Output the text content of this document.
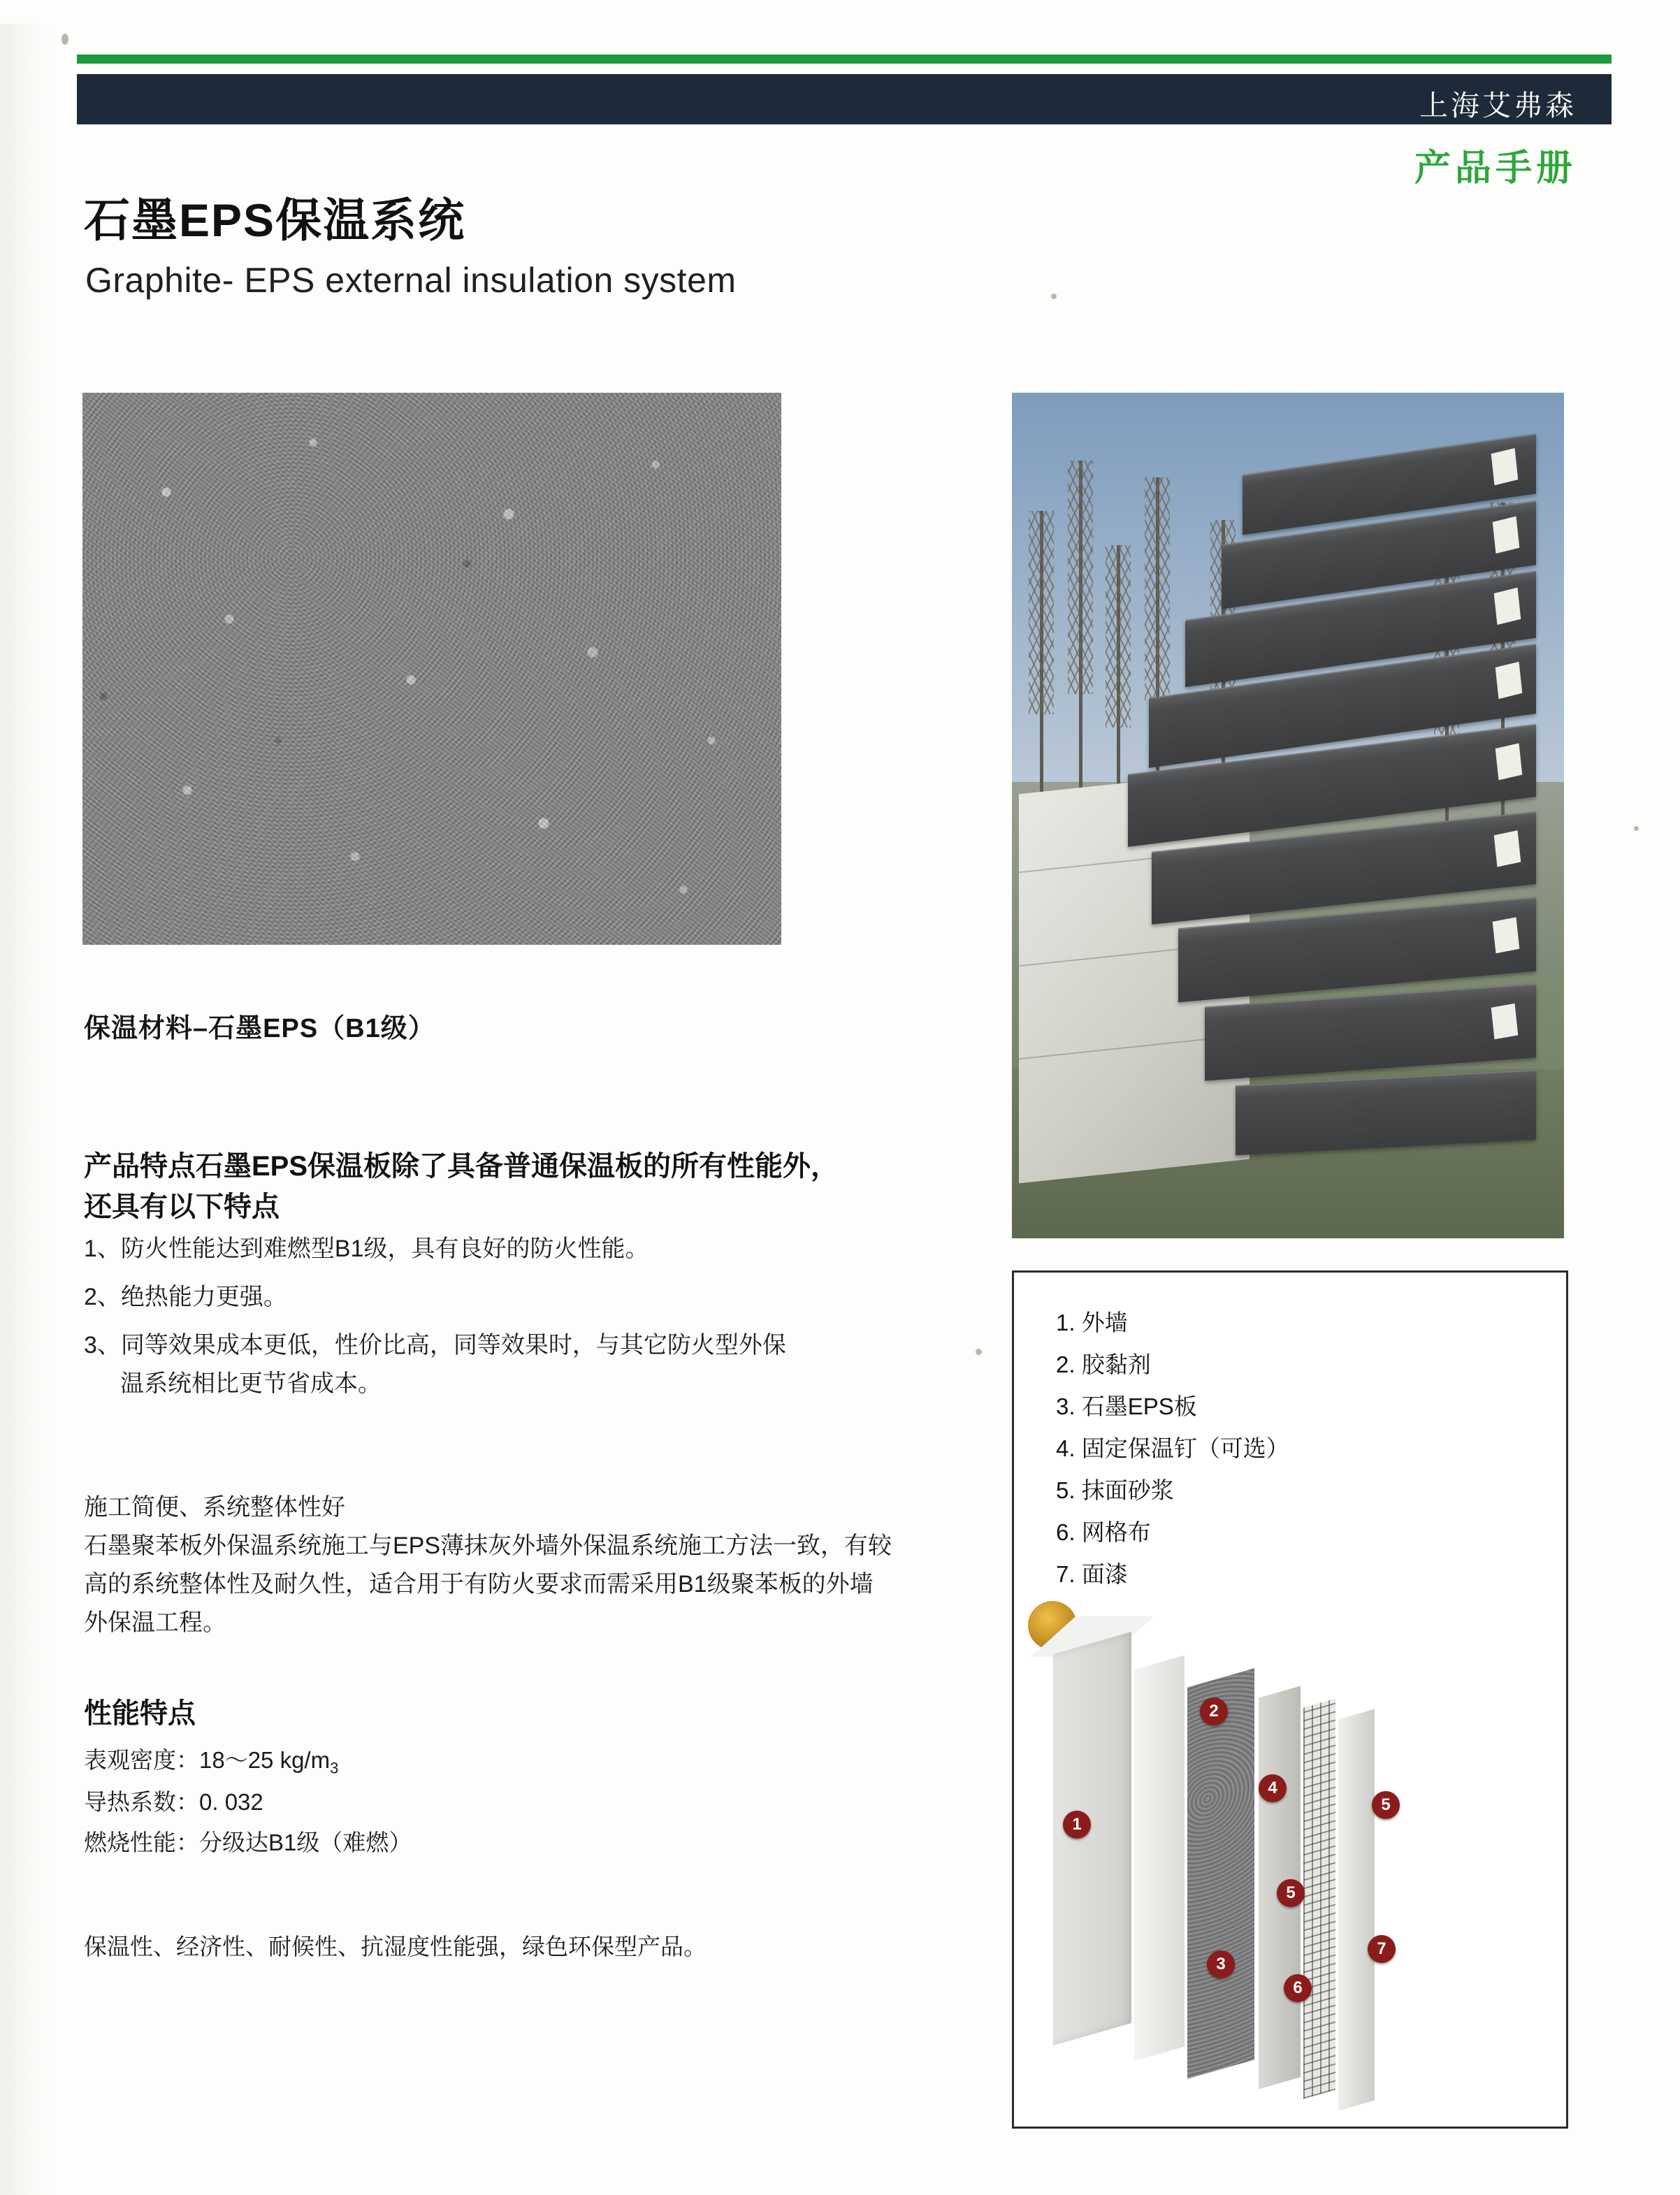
上海艾弗森
产品手册
石墨EPS保温系统
Graphite- EPS external insulation system
保温材料–石墨EPS（B1级）
产品特点石墨EPS保温板除了具备普通保温板的所有性能外，还具有以下特点
1、防火性能达到难燃型B1级，具有良好的防火性能。
2、绝热能力更强。
3、同等效果成本更低，性价比高，同等效果时，与其它防火型外保
温系统相比更节省成本。
施工简便、系统整体性好
石墨聚苯板外保温系统施工与EPS薄抹灰外墙外保温系统施工方法一致，有较高的系统整体性及耐久性，适合用于有防火要求而需采用B1级聚苯板的外墙外保温工程。
性能特点
表观密度：18～25 $kg/m_3$
导热系数：0. 032
燃烧性能：分级达B1级（难燃）
保温性、经济性、耐候性、抗湿度性能强，绿色环保型产品。
1. 外墙
2. 胶黏剂
3. 石墨EPS板
4. 固定保温钉（可选）
5. 抹面砂浆
6. 网格布
7. 面漆
1
2
3
4
5
5
6
7
